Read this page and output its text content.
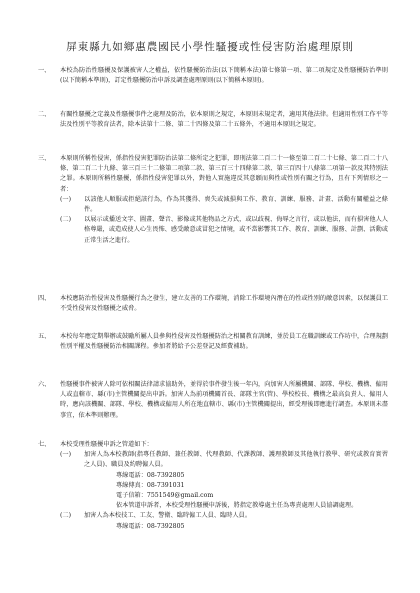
屏東縣九如鄉惠農國民小學性騷擾或性侵害防治處理原則
一、	本校為防治性騷擾及保護被害人之權益，依性騷擾防治法(以下簡稱本法)第七條第一項、第二項規定及性騷擾防治準則(以下簡稱本準則)，訂定性騷擾防治申訴及調查處理原則(以下簡稱本原則)。
二、	有關性騷擾之定義及性騷擾事件之處理及防治，依本原則之規定，本原則未規定者，適用其他法律。但適用性別工作平等法及性別平等教育法者，除本法第十二條、第二十四條及第二十五條外，不適用本原則之規定。
三、	本原則所稱性侵害，係指性侵害犯罪防治法第二條所定之犯罪，即刑法第二百二十一條至第二百二十七條、第二百二十八條、第二百二十九條、第三百三十二條第二項第二款、第三百三十四條第二款、第三百四十八條第二項第一款及其特別法之罪。本原則所稱性騷擾，係指性侵害犯罪以外，對他人實施違反其意願而與性或性別有關之行為，且有下列情形之一者：
(一) 以該他人順服或拒絕該行為，作為其獲得、喪失或減損與工作、教育、訓練、服務、計畫、活動有關權益之條件。
(二) 以展示或播送文字、圖畫、聲音、影像或其他物品之方式，或以歧視、侮辱之言行，或以他法，而有損害他人人格尊嚴，或造成使人心生畏怖、感受敵意或冒犯之情境，或不當影響其工作、教育、訓練、服務、計劃、活動或正常生活之進行。
四、	本校應防治性侵害及性騷擾行為之發生，建立友善的工作環境，消除工作環境內潛在的性或性別的敵意因素，以保護員工不受性侵害及性騷擾之威脅。
五、	本校每年應定期舉辦或鼓勵所屬人員參與性侵害及性騷擾防治之相關教育訓練，並於員工在職訓練或工作坊中，合理規劃性別平權及性騷擾防治相關課程。參加者將給予公差登記及經費補助。
六、	性騷擾事件被害人除可依相關法律請求協助外，並得於事件發生後一年內，向加害人所屬機關、部隊、學校、機構、僱用人或直轄市、縣(市)主管機關提出申訴。加害人為前項機關首長、部隊主官(管)、學校校長、機構之最高負責人、僱用人時，應向該機關、部隊、學校、機構或僱用人所在地直轄市、縣(市)主管機關提出，經受理後即應進行調查。本原則未盡事宜，依本準則辦理。
七、	本校受理性騷擾申訴之管道如下：
(一) 加害人為本校教師(指專任教師、兼任教師、代理教師、代課教師、護理教師及其他執行教學、研究或教育實習之人員)、職員及約聘僱人員。
專線電話：08-7392805
專線傳真：08-7391031
電子信箱：7551549@gmail.com
依本管道申訴者，本校受理性騷擾申訴後，將指定教導處主任為專責處理人員協調處理。
(二) 加害人為本校技工、工友、警衛、臨時僱工人員、臨時人員。
專線電話：08-7392805
